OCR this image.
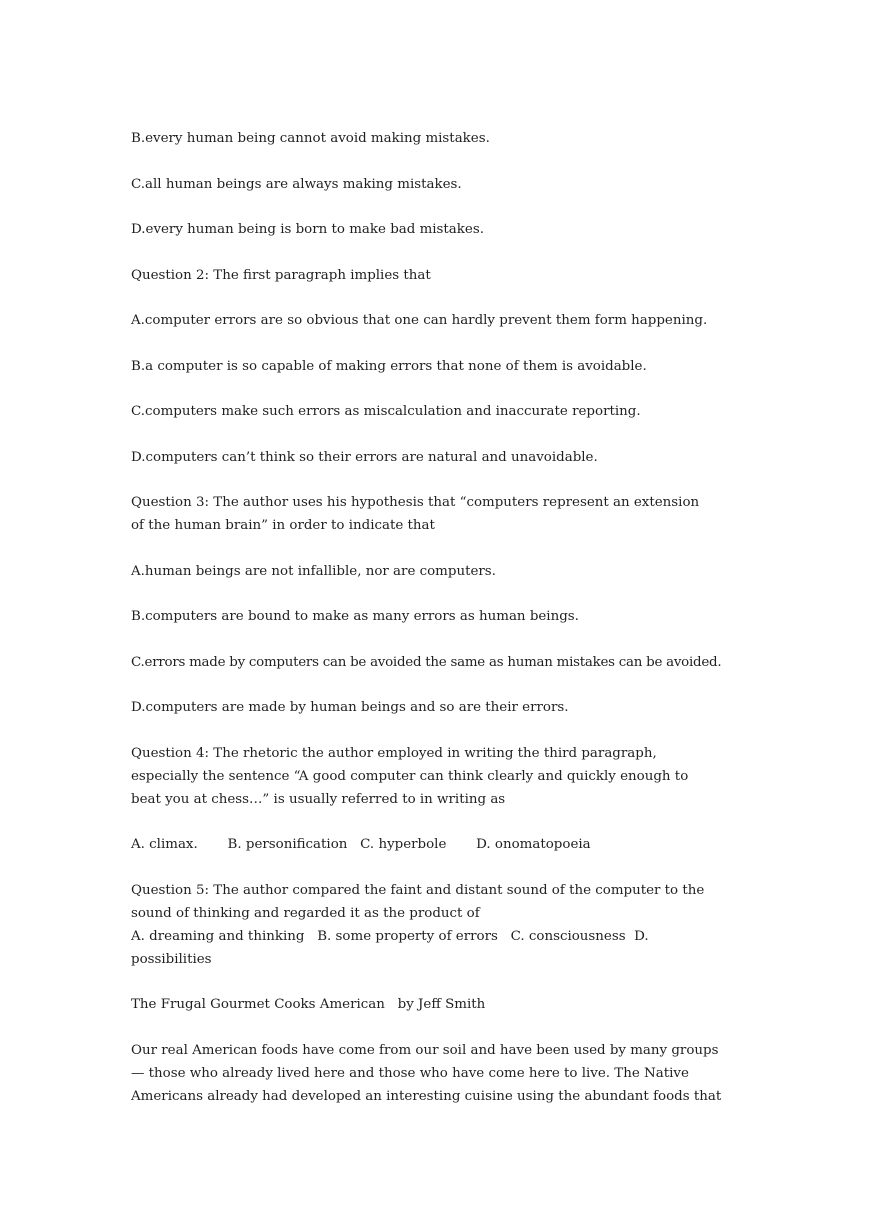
B.every human being cannot avoid making mistakes.

C.all human beings are always making mistakes.

D.every human being is born to make bad mistakes.

Question 2: The first paragraph implies that

A.computer errors are so obvious that one can hardly prevent them form happening.

B.a computer is so capable of making errors that none of them is avoidable.

C.computers make such errors as miscalculation and inaccurate reporting.

D.computers can’t think so their errors are natural and unavoidable.

Question 3: The author uses his hypothesis that “computers represent an extension
of the human brain” in order to indicate that

A.human beings are not infallible, nor are computers.

B.computers are bound to make as many errors as human beings.

C.errors made by computers can be avoided the same as human mistakes can be avoided.

D.computers are made by human beings and so are their errors.

Question 4: The rhetoric the author employed in writing the third paragraph,
especially the sentence “A good computer can think clearly and quickly enough to
beat you at chess…” is usually referred to in writing as

A. climax.       B. personification   C. hyperbole       D. onomatopoeia

Question 5: The author compared the faint and distant sound of the computer to the
sound of thinking and regarded it as the product of
A. dreaming and thinking   B. some property of errors   C. consciousness  D.
possibilities

The Frugal Gourmet Cooks American   by Jeff Smith

Our real American foods have come from our soil and have been used by many groups
— those who already lived here and those who have come here to live. The Native
Americans already had developed an interesting cuisine using the abundant foods that
